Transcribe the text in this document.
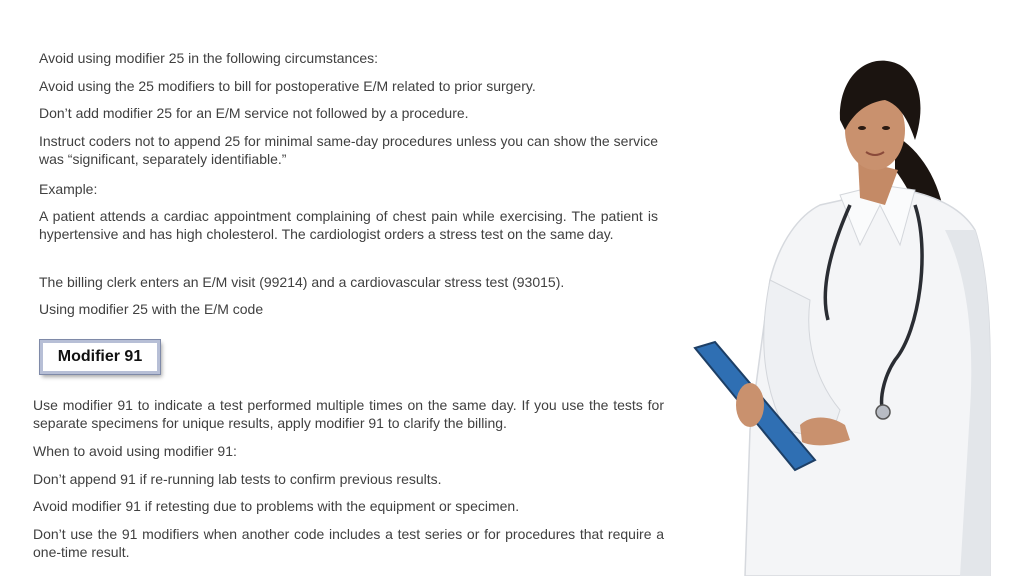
Avoid using modifier 25 in the following circumstances:

Avoid using the 25 modifiers to bill for postoperative E/M related to prior surgery.

Don’t add modifier 25 for an E/M service not followed by a procedure.

Instruct coders not to append 25 for minimal same-day procedures unless you can show the service was “significant, separately identifiable.”

Example:

A patient attends a cardiac appointment complaining of chest pain while exercising. The patient is hypertensive and has high cholesterol. The cardiologist orders a stress test on the same day.

The billing clerk enters an E/M visit (99214) and a cardiovascular stress test (93015).

Using modifier 25 with the E/M code

Modifier 91

Use modifier 91 to indicate a test performed multiple times on the same day. If you use the tests for separate specimens for unique results, apply modifier 91 to clarify the billing.

When to avoid using modifier 91:

Don’t append 91 if re-running lab tests to confirm previous results.

Avoid modifier 91 if retesting due to problems with the equipment or specimen.

Don’t use the 91 modifiers when another code includes a test series or for procedures that require a one-time result.
